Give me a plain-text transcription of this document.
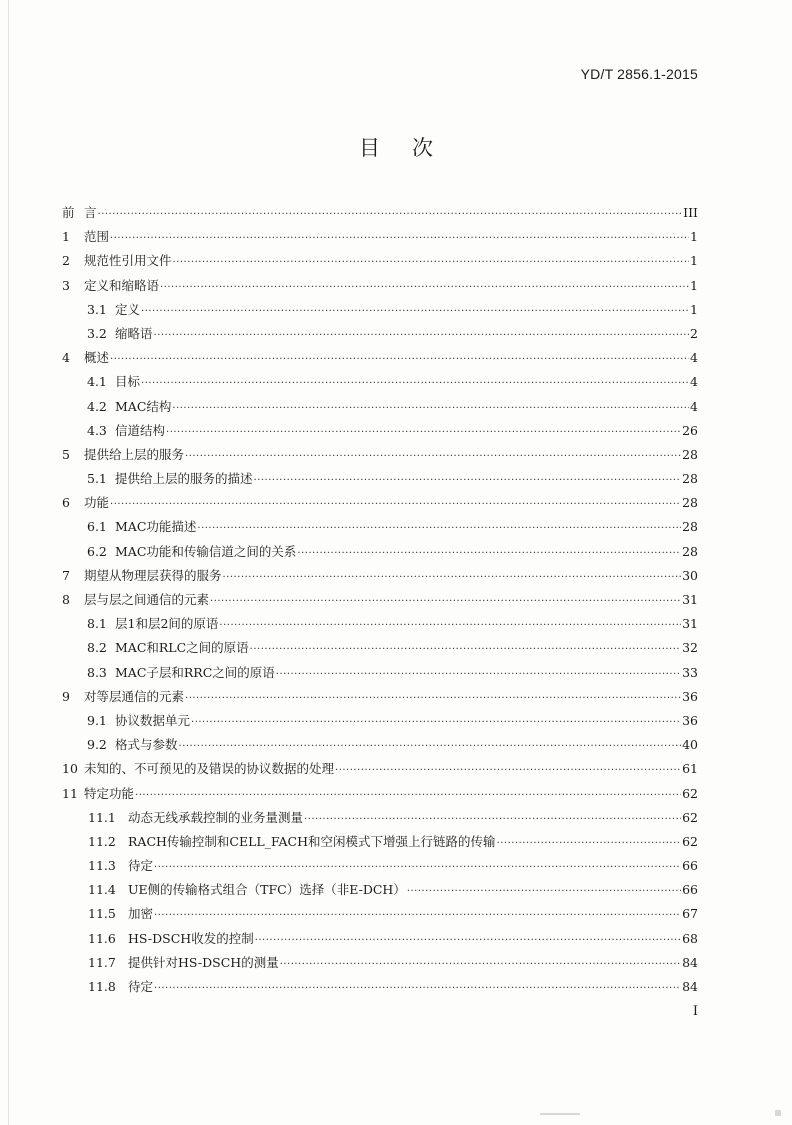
YD/T 2856.1-2015
目 次
前 言 ·····	III
1	范围 ·····	1
2	规范性引用文件 ·····	1
3	定义和缩略语 ·····	1
3.1 定义 ·····	1
3.2 缩略语 ·····	2
4	概述 ·····	4
4.1 目标 ·····	4
4.2 MAC结构 ·····	4
4.3 信道结构 ·····	26
5	提供给上层的服务 ·····	28
5.1 提供给上层的服务的描述 ·····	28
6	功能 ·····	28
6.1 MAC功能描述 ·····	28
6.2 MAC功能和传输信道之间的关系 ·····	28
7	期望从物理层获得的服务 ·····	30
8	层与层之间通信的元素 ·····	31
8.1 层1和层2间的原语 ·····	31
8.2 MAC和RLC之间的原语 ·····	32
8.3 MAC子层和RRC之间的原语 ·····	33
9	对等层通信的元素 ·····	36
9.1 协议数据单元 ·····	36
9.2 格式与参数 ·····	40
10 未知的、不可预见的及错误的协议数据的处理 ·····	61
11 特定功能 ·····	62
11.1 动态无线承载控制的业务量测量 ·····	62
11.2 RACH传输控制和CELL_FACH和空闲模式下增强上行链路的传输 ·····	62
11.3 待定 ·····	66
11.4 UE侧的传输格式组合（TFC）选择（非E-DCH） ·····	66
11.5 加密 ·····	67
11.6 HS-DSCH收发的控制 ·····	68
11.7 提供针对HS-DSCH的测量 ·····	84
11.8 待定 ·····	84
I
